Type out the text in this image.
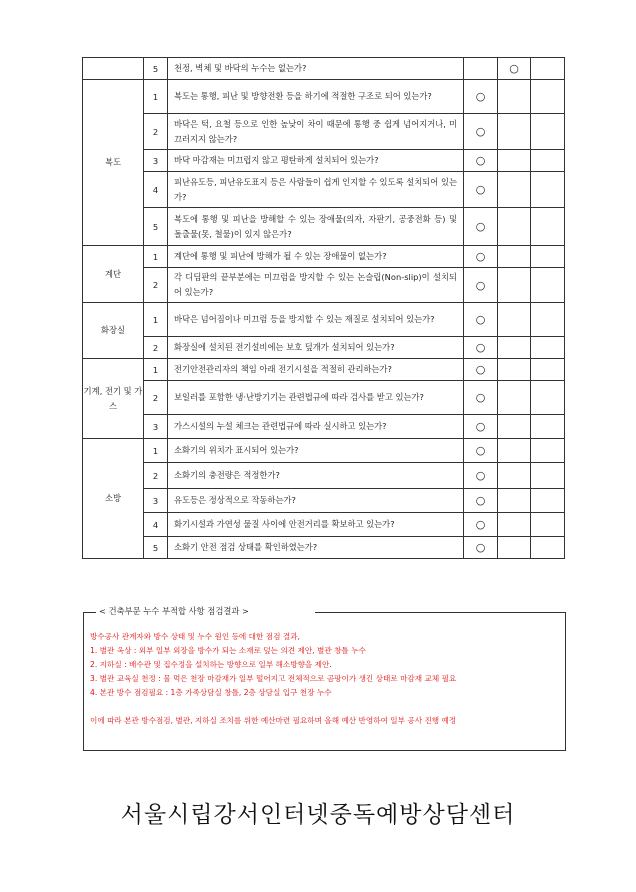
	5	천정, 벽체 및 바닥의 누수는 없는가?		○	
복도	1	복도는 통행, 피난 및 방향전환 등을 하기에 적절한 구조로 되어 있는가?	○		
	2	바닥은 턱, 요철 등으로 인한 높낮이 차이 때문에 통행 중 쉽게 넘어지거나, 미끄러지지 않는가?	○		
	3	바닥 마감재는 미끄럽지 않고 평탄하게 설치되어 있는가?	○		
	4	피난유도등, 피난유도표지 등은 사람들이 쉽게 인지할 수 있도록 설치되어 있는가?	○		
	5	복도에 통행 및 피난을 방해할 수 있는 장애물(의자, 자판기, 공중전화 등) 및 돌출물(못, 철물)이 있지 않은가?	○		
계단	1	계단에 통행 및 피난에 방해가 될 수 있는 장애물이 없는가?	○		
	2	각 디딤판의 끝부분에는 미끄럼을 방지할 수 있는 논슬립(Non-slip)이 설치되어 있는가?	○		
화장실	1	바닥은 넘어짐이나 미끄럼 등을 방지할 수 있는 재질로 설치되어 있는가?	○		
	2	화장실에 설치된 전기설비에는 보호 덮개가 설치되어 있는가?	○		
기계, 전기 및 가스	1	전기안전관리자의 책임 아래 전기시설을 적절히 관리하는가?	○		
	2	보일러를 포함한 냉·난방기기는 관련법규에 따라 검사를 받고 있는가?	○		
	3	가스시설의 누설 체크는 관련법규에 따라 실시하고 있는가?	○		
소방	1	소화기의 위치가 표시되어 있는가?	○		
	2	소화기의 충전량은 적정한가?	○		
	3	유도등은 정상적으로 작동하는가?	○		
	4	화기시설과 가연성 물질 사이에 안전거리를 확보하고 있는가?	○		
	5	소화기 안전 점검 상태를 확인하였는가?	○		
< 건축부문 누수 부적합 사항 점검결과 >
방수공사 관계자와 방수 상태 및 누수 원인 등에 대한 점검 결과,
1. 별관 옥상 : 외부 일부 외장을 방수가 되는 소재로 덮는 의견 제안, 별관 창틀 누수
2. 지하실 : 배수관 및 집수정을 설치하는 방향으로 일부 해소방향을 제안.
3. 별관 교육실 천정 : 물 먹은 천장 마감재가 일부 떨어지고 전체적으로 곰팡이가 생긴 상태로 마감재 교체 필요
4. 본관 방수 점검필요 : 1층 가족상담실 창틀, 2층 상담실 입구 천장 누수
이에 따라 본관 방수점검, 별관, 지하실 조치를 위한 예산마련 필요하며 올해 예산 반영하여 일부 공사 진행 예정
서울시립강서인터넷중독예방상담센터
